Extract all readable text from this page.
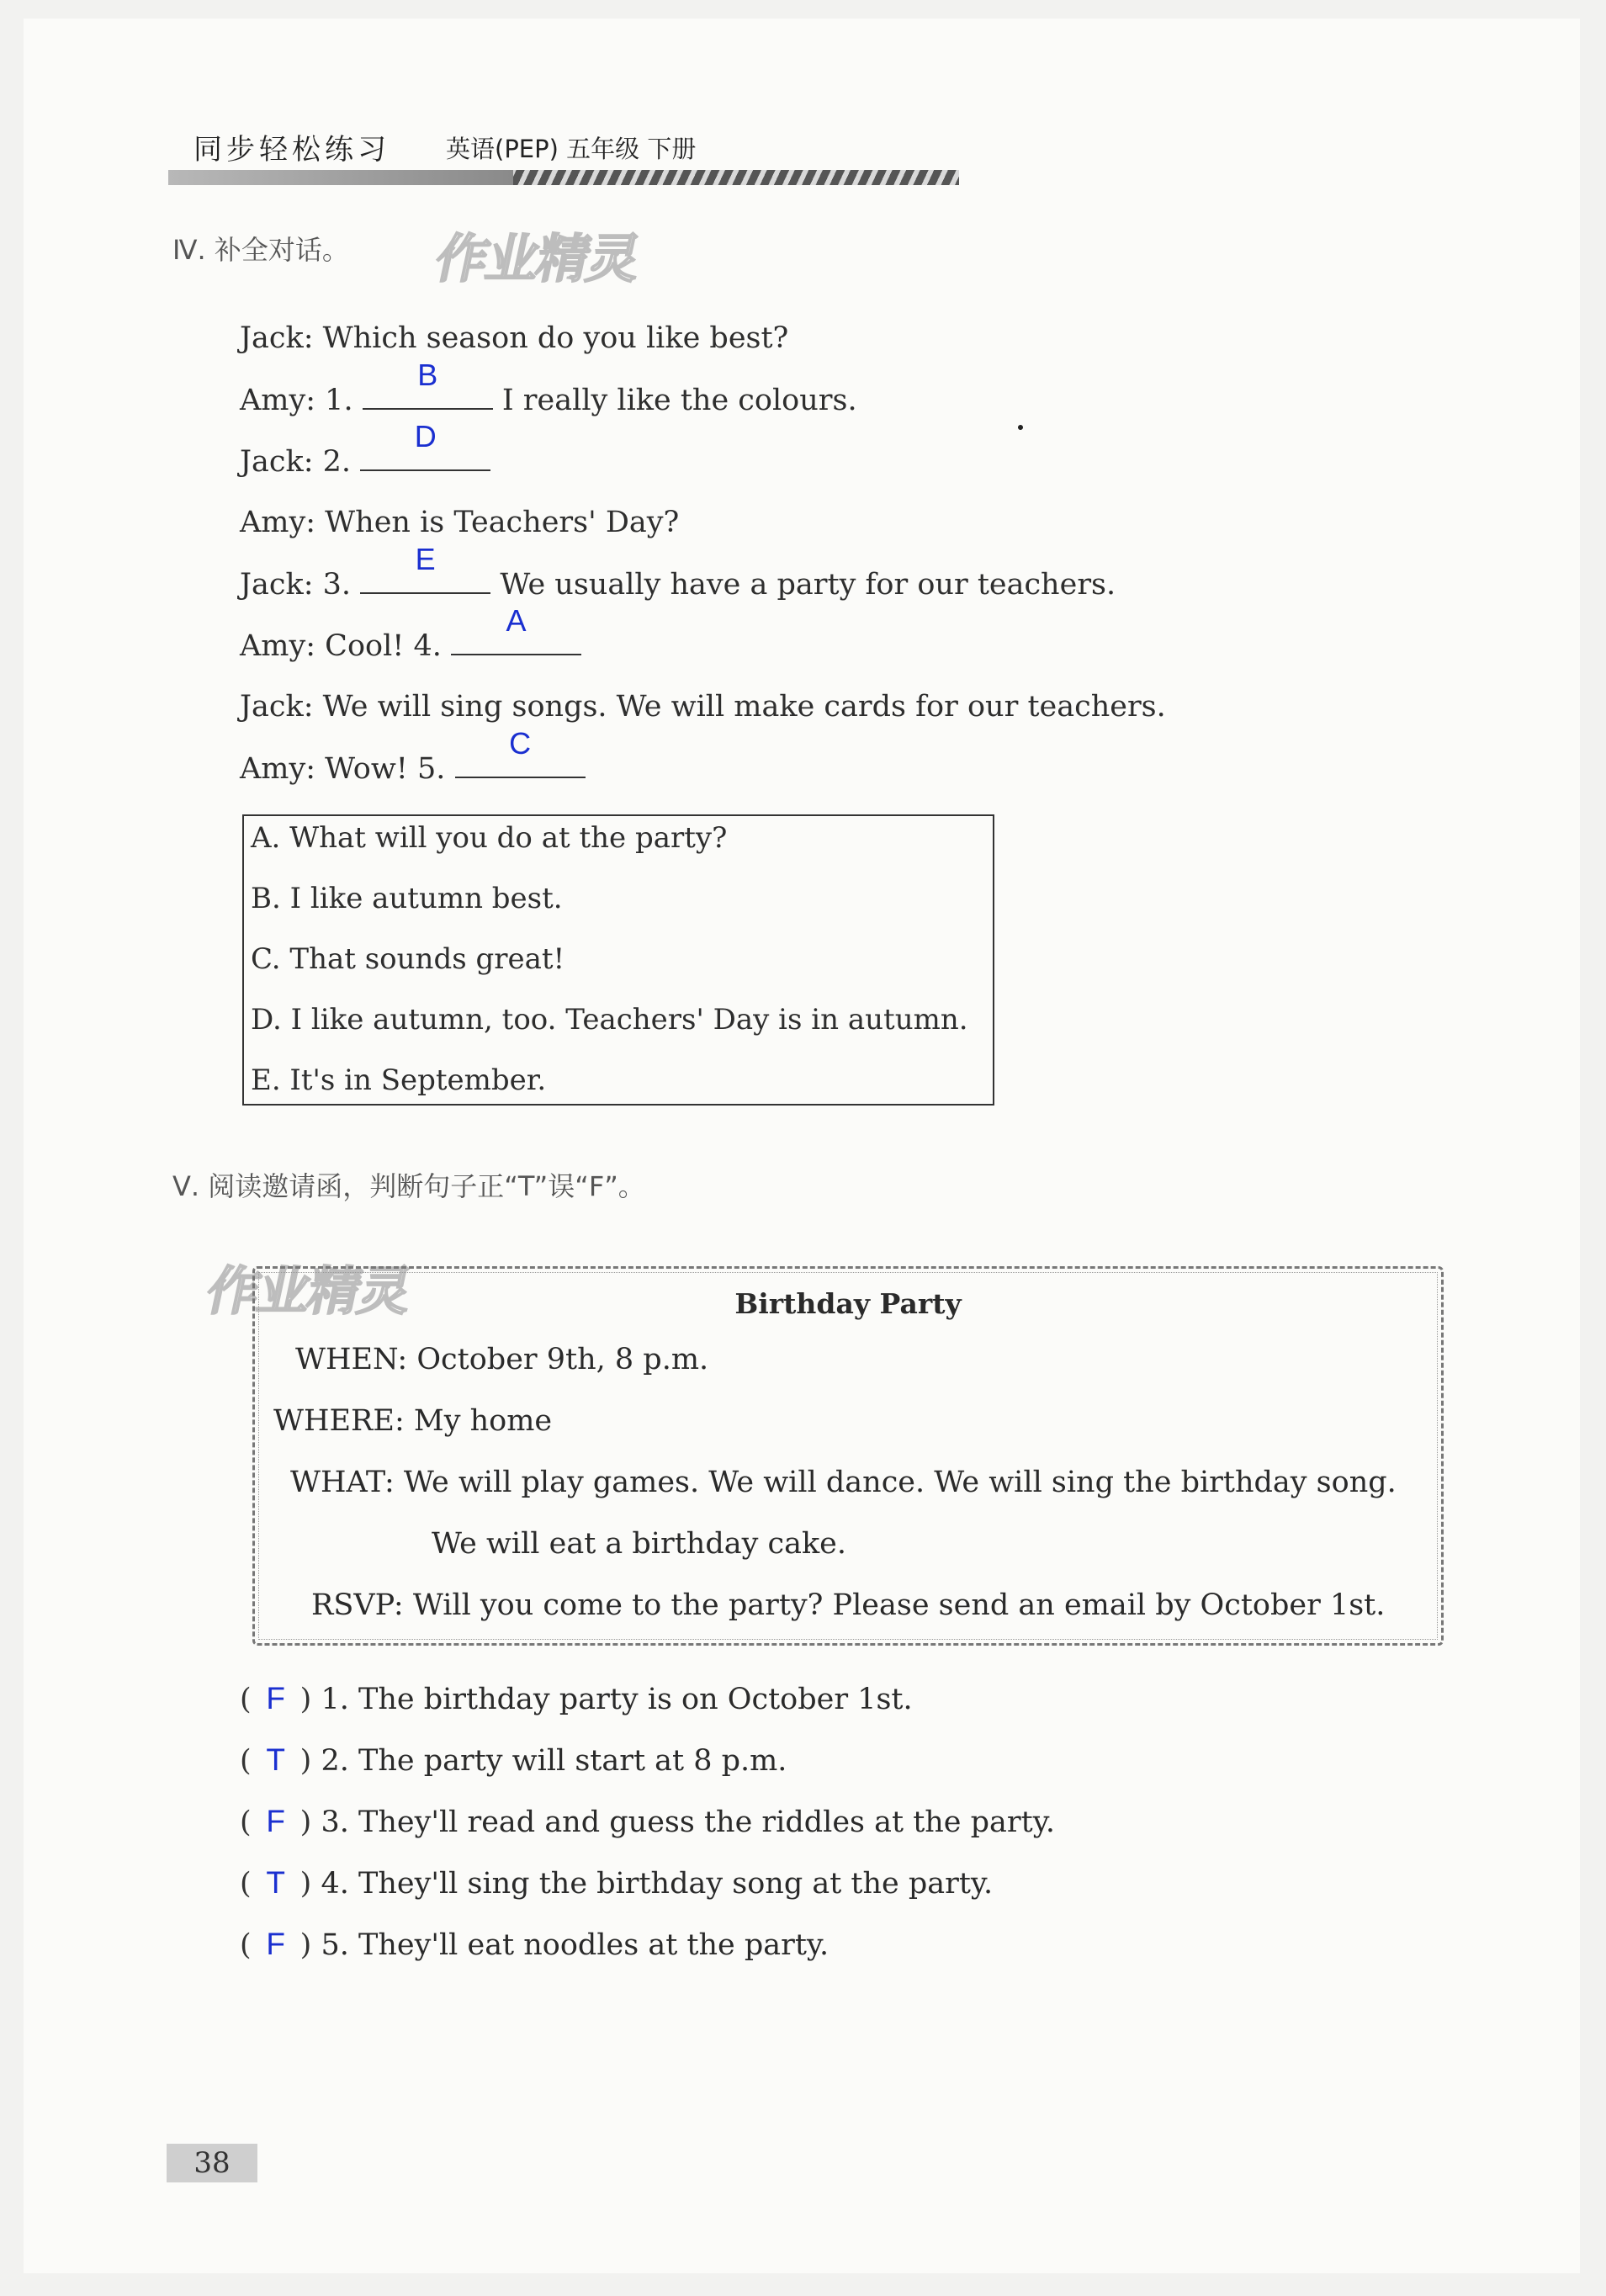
同步轻松练习 英语(PEP) 五年级 下册
Ⅳ. 补全对话。 作业精灵
Jack: Which season do you like best?
Amy: 1.
B
I really like the colours.
Jack: 2.
D
Amy: When is Teachers' Day?
Jack: 3.
E
We usually have a party for our teachers.
Amy: Cool! 4.
A
Jack: We will sing songs. We will make cards for our teachers.
Amy: Wow! 5.
C
A. What will you do at the party?
B. I like autumn best.
C. That sounds great!
D. I like autumn, too. Teachers' Day is in autumn.
E. It's in September.
Ⅴ. 阅读邀请函，判断句子正“T”误“F”。
作业精灵	Birthday Party
WHEN: October 9th, 8 p.m.
WHERE: My home
WHAT: We will play games. We will dance. We will sing the birthday song.
We will eat a birthday cake.
RSVP: Will you come to the party? Please send an email by October 1st.
( F ) 1. The birthday party is on October 1st.
( T ) 2. The party will start at 8 p.m.
( F ) 3. They'll read and guess the riddles at the party.
( T ) 4. They'll sing the birthday song at the party.
( F ) 5. They'll eat noodles at the party.
38
